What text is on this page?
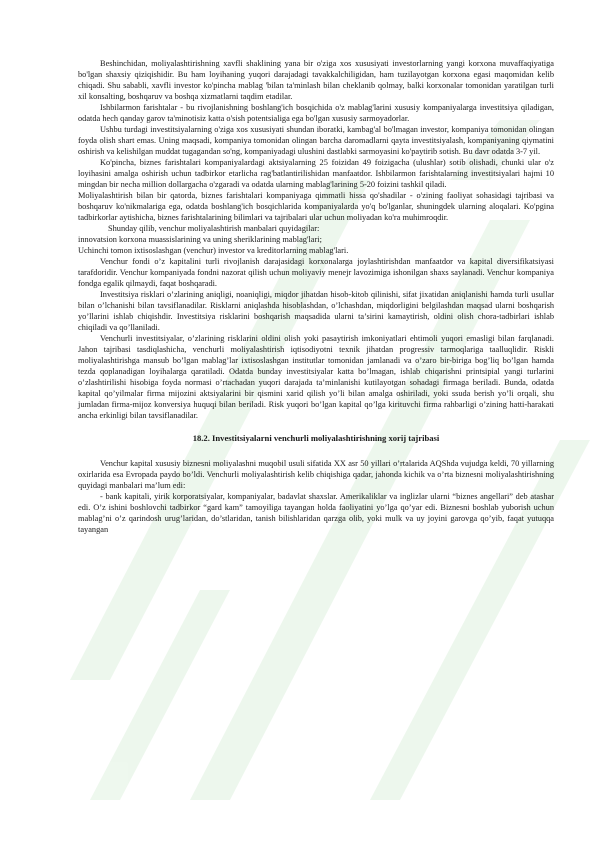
Beshinchidan, moliyalashtirishning xavfli shaklining yana bir o'ziga xos xususiyati investorlarning yangi korxona muvaffaqiyatiga bo'lgan shaxsiy qiziqishidir. Bu ham loyihaning yuqori darajadagi tavakkalchiligidan, ham tuzilayotgan korxona egasi maqomidan kelib chiqadi. Shu sababli, xavfli investor ko'pincha mablag 'bilan ta'minlash bilan cheklanib qolmay, balki korxonalar tomonidan yaratilgan turli xil konsalting, boshqaruv va boshqa xizmatlarni taqdim etadilar.

Ishbilarmon farishtalar - bu rivojlanishning boshlang'ich bosqichida o'z mablag'larini xususiy kompaniyalarga investitsiya qiladigan, odatda hech qanday garov ta'minotisiz katta o'sish potentsialiga ega bo'lgan xususiy sarmoyadorlar.

Ushbu turdagi investitsiyalarning o'ziga xos xususiyati shundan iboratki, kambag'al bo'lmagan investor, kompaniya tomonidan olingan foyda olish shart emas. Uning maqsadi, kompaniya tomonidan olingan barcha daromadlarni qayta investitsiyalash, kompaniyaning qiymatini oshirish va kelishilgan muddat tugagandan so'ng, kompaniyadagi ulushini dastlabki sarmoyasini ko'paytirib sotish. Bu davr odatda 3-7 yil.

Ko'pincha, biznes farishtalari kompaniyalardagi aktsiyalarning 25 foizidan 49 foizigacha (ulushlar) sotib olishadi, chunki ular o'z loyihasini amalga oshirish uchun tadbirkor etarlicha rag'batlantirilishidan manfaatdor. Ishbilarmon farishtalarning investitsiyalari hajmi 10 mingdan bir necha million dollargacha o'zgaradi va odatda ularning mablag'larining 5-20 foizini tashkil qiladi.

Moliyalashtirish bilan bir qatorda, biznes farishtalari kompaniyaga qimmatli hissa qo'shadilar - o'zining faoliyat sohasidagi tajribasi va boshqaruv ko'nikmalariga ega, odatda boshlang'ich bosqichlarida kompaniyalarda yo'q bo'lganlar, shuningdek ularning aloqalari. Ko'pgina tadbirkorlar aytishicha, biznes farishtalarining bilimlari va tajribalari ular uchun moliyadan ko'ra muhimroqdir.

Shunday qilib, venchur moliyalashtirish manbalari quyidagilar:

innovatsion korxona muassislarining va uning sheriklarining mablag'lari;

Uchinchi tomon ixtisoslashgan (venchur) investor va kreditorlarning mablag'lari.

Venchur fondi o’z kapitalini turli rivojlanish darajasidagi korxonalarga joylashtirishdan manfaatdor va kapital diversifikatsiyasi tarafdoridir. Venchur kompaniyada fondni nazorat qilish uchun moliyaviy menejr lavozimiga ishonilgan shaxs saylanadi. Venchur kompaniya fondga egalik qilmaydi, faqat boshqaradi.

Investitsiya risklari o’zlarining aniqligi, noaniqligi, miqdor jihatdan hisob-kitob qilinishi, sifat jixatidan aniqlanishi hamda turli usullar bilan o’lchanishi bilan tavsiflanadilar. Risklarni aniqlashda hisoblashdan, o’lchashdan, miqdorligini belgilashdan maqsad ularni boshqarish yo’llarini ishlab chiqishdir. Investitsiya risklarini boshqarish maqsadida ularni ta’sirini kamaytirish, oldini olish chora-tadbirlari ishlab chiqiladi va qo’llaniladi.

Venchurli investitsiyalar, o’zlarining risklarini oldini olish yoki pasaytirish imkoniyatlari ehtimoli yuqori emasligi bilan farqlanadi. Jahon tajribasi tasdiqlashicha, venchurli moliyalashtirish iqtisodiyotni texnik jihatdan progressiv tarmoqlariga taalluqlidir. Riskli moliyalashtirishga mansub bo’lgan mablag’lar ixtisoslashgan institutlar tomonidan jamlanadi va o’zaro bir-biriga bog’liq bo’lgan hamda tezda qoplanadigan loyihalarga qaratiladi. Odatda bunday investitsiyalar katta bo’lmagan, ishlab chiqarishni printsipial yangi turlarini o’zlashtirilishi hisobiga foyda normasi o’rtachadan yuqori darajada ta’minlanishi kutilayotgan sohadagi firmaga beriladi. Bunda, odatda kapital qo’yilmalar firma mijozini aktsiyalarini bir qismini xarid qilish yo’li bilan amalga oshiriladi, yoki ssuda berish yo’li orqali, shu jumladan firma-mijoz konversiya huquqi bilan beriladi. Risk yuqori bo’lgan kapital qo’lga kirituvchi firma rahbarligi o’zining hatti-harakati ancha erkinligi bilan tavsiflanadilar.

18.2. Investitsiyalarni venchurli moliyalashtirishning xorij tajribasi

Venchur kapital xususiy biznesni moliyalashni muqobil usuli sifatida XX asr 50 yillari o’rtalarida AQShda vujudga keldi, 70 yillarning oxirlarida esa Evropada paydo bo’ldi. Venchurli moliyalashtirish kelib chiqishiga qadar, jahonda kichik va o’rta biznesni moliyalashtirishning quyidagi manbalari ma’lum edi:

- bank kapitali, yirik korporatsiyalar, kompaniyalar, badavlat shaxslar. Amerikaliklar va inglizlar ularni “biznes angellari” deb atashar edi. O’z ishini boshlovchi tadbirkor “gard kam” tamoyiliga tayangan holda faoliyatini yo’lga qo’yar edi. Biznesni boshlab yuborish uchun mablag’ni o’z qarindosh urug’laridan, do’stlaridan, tanish bilishlaridan qarzga olib, yoki mulk va uy joyini garovga qo’yib, faqat yutuqqa tayangan
